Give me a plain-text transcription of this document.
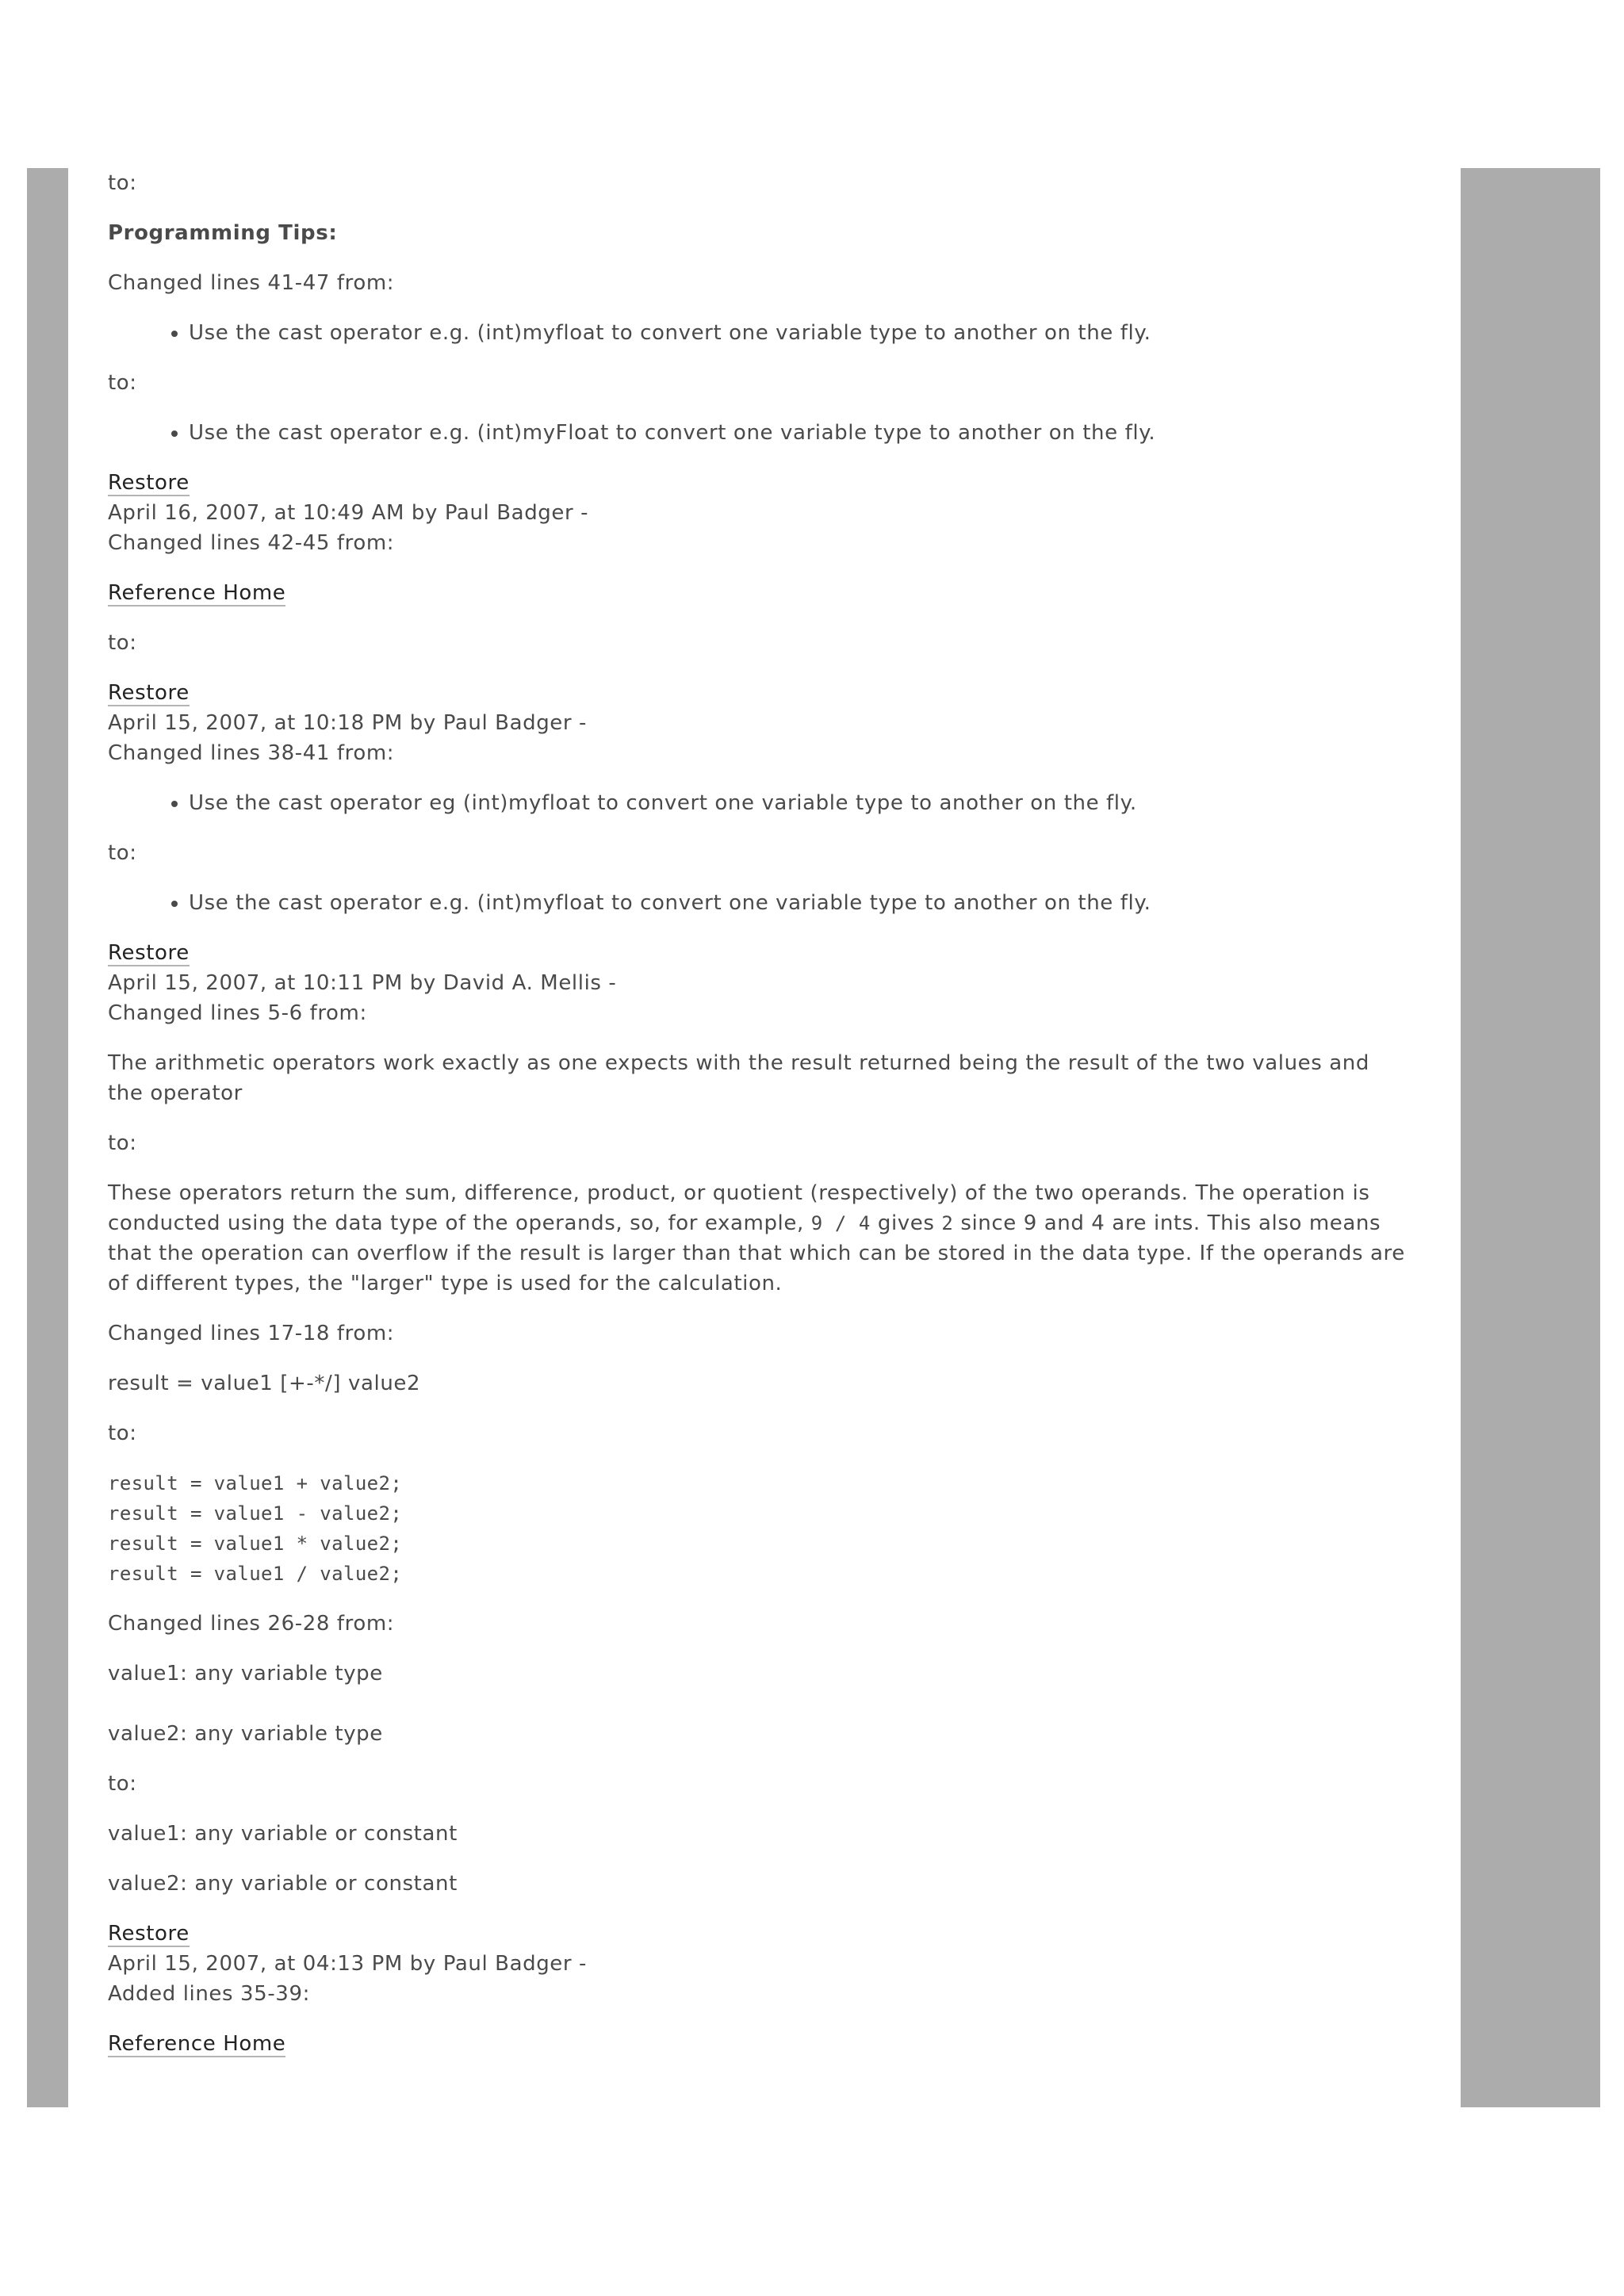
to:

Programming Tips:

Changed lines 41-47 from:

• Use the cast operator e.g. (int)myfloat to convert one variable type to another on the fly.

to:

• Use the cast operator e.g. (int)myFloat to convert one variable type to another on the fly.
Restore
April 16, 2007, at 10:49 AM by Paul Badger -

Changed lines 42-45 from:

Reference Home

to:

Restore
April 15, 2007, at 10:18 PM by Paul Badger -

Changed lines 38-41 from:

• Use the cast operator eg (int)myfloat to convert one variable type to another on the fly.

to:

• Use the cast operator e.g. (int)myfloat to convert one variable type to another on the fly.
Restore
April 15, 2007, at 10:11 PM by David A. Mellis -

Changed lines 5-6 from:

The arithmetic operators work exactly as one expects with the result returned being the result of the two values and the operator

to:

These operators return the sum, difference, product, or quotient (respectively) of the two operands. The operation is conducted using the data type of the operands, so, for example, 9 / 4 gives 2 since 9 and 4 are ints. This also means that the operation can overflow if the result is larger than that which can be stored in the data type. If the operands are of different types, the "larger" type is used for the calculation.

Changed lines 17-18 from:

result = value1 [+-*/] value2

to:

result = value1 + value2;
result = value1 - value2;
result = value1 * value2;
result = value1 / value2;

Changed lines 26-28 from:

value1: any variable type

value2: any variable type

to:

value1: any variable or constant

value2: any variable or constant

Restore
April 15, 2007, at 04:13 PM by Paul Badger -

Added lines 35-39:

Reference Home
